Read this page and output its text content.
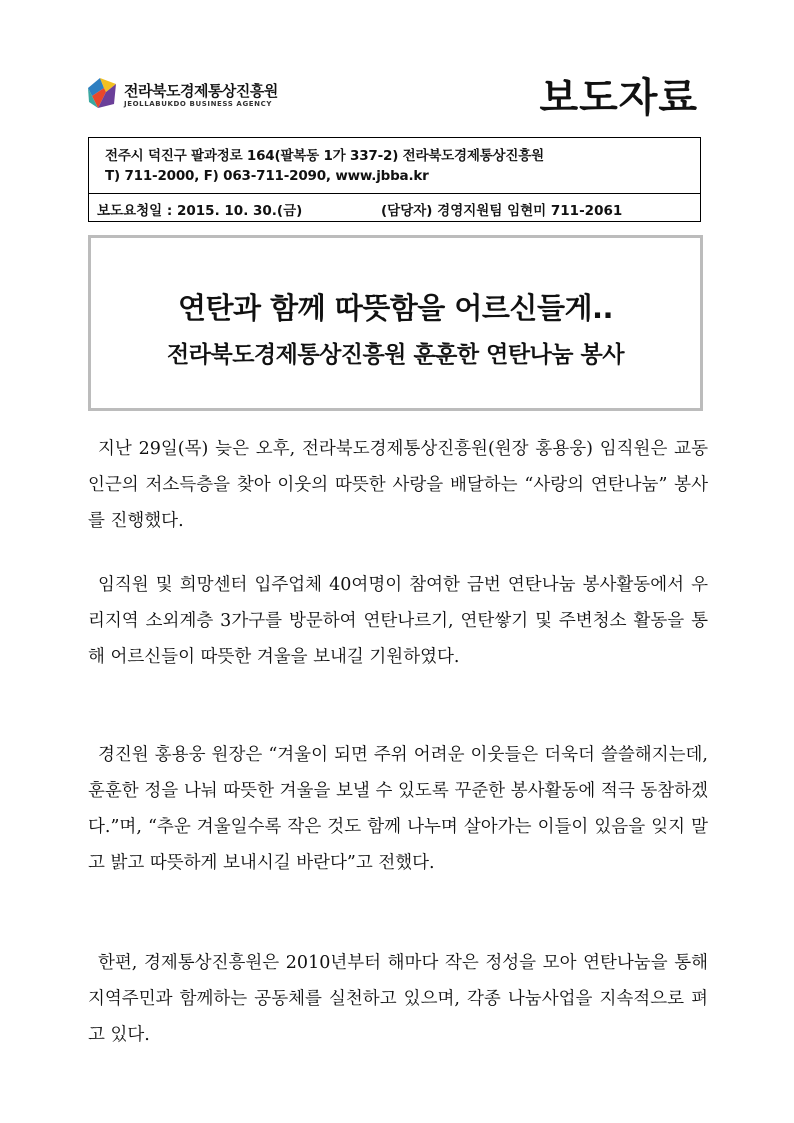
전라북도경제통상진흥원
JEOLLABUKDO BUSINESS AGENCY	보도자료
전주시 덕진구 팔과정로 164(팔복동 1가 337-2) 전라북도경제통상진흥원
T) 711-2000, F) 063-711-2090, www.jbba.kr
보도요청일 : 2015. 10. 30.(금)	(담당자) 경영지원팀 임현미 711-2061
연탄과 함께 따뜻함을 어르신들게..
전라북도경제통상진흥원 훈훈한 연탄나눔 봉사

지난 29일(목) 늦은 오후, 전라북도경제통상진흥원(원장 홍용웅) 임직원은 교동 인근의 저소득층을 찾아 이웃의 따뜻한 사랑을 배달하는 “사랑의 연탄나눔” 봉사를 진행했다.

임직원 및 희망센터 입주업체 40여명이 참여한 금번 연탄나눔 봉사활동에서 우리지역 소외계층 3가구를 방문하여 연탄나르기, 연탄쌓기 및 주변청소 활동을 통해 어르신들이 따뜻한 겨울을 보내길 기원하였다.

경진원 홍용웅 원장은 “겨울이 되면 주위 어려운 이웃들은 더욱더 쓸쓸해지는데, 훈훈한 정을 나눠 따뜻한 겨울을 보낼 수 있도록 꾸준한 봉사활동에 적극 동참하겠다.”며, “추운 겨울일수록 작은 것도 함께 나누며 살아가는 이들이 있음을 잊지 말고 밝고 따뜻하게 보내시길 바란다”고 전했다.

한편, 경제통상진흥원은 2010년부터 해마다 작은 정성을 모아 연탄나눔을 통해 지역주민과 함께하는 공동체를 실천하고 있으며, 각종 나눔사업을 지속적으로 펴고 있다.
